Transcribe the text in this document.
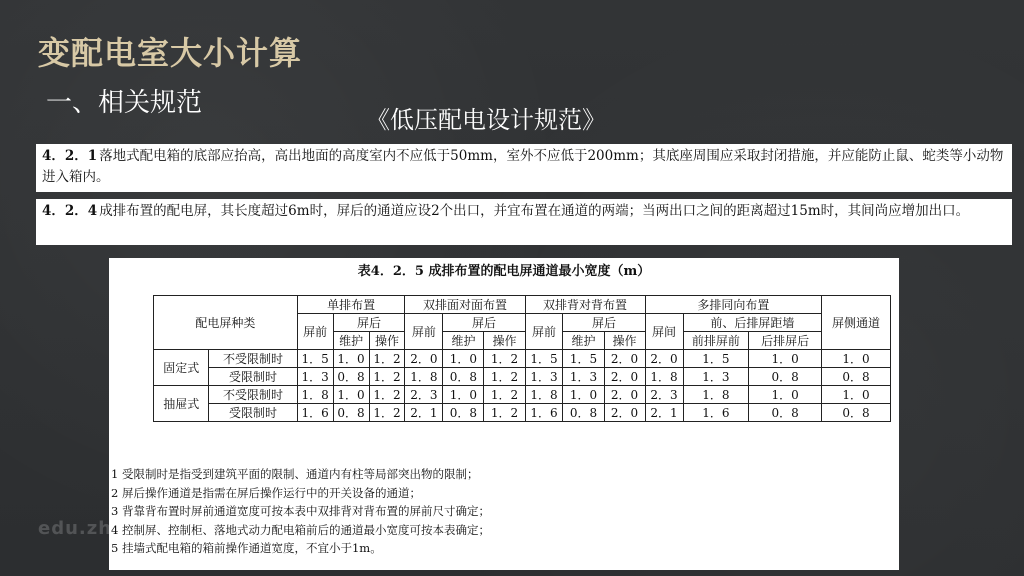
变配电室大小计算
一、相关规范
《低压配电设计规范》
4．2．1 落地式配电箱的底部应抬高，高出地面的高度室内不应低于50mm，室外不应低于200mm；其底座周围应采取封闭措施，并应能防止鼠、蛇类等小动物进入箱内。
4．2．4 成排布置的配电屏，其长度超过6m时，屏后的通道应设2个出口，并宜布置在通道的两端；当两出口之间的距离超过15m时，其间尚应增加出口。
表4．2．5 成排布置的配电屏通道最小宽度（m）
配电屏种类		单排布置			双排面对面布置			双排背对背布置			多排同向布置			屏侧通道
		屏前	屏后		屏前	屏后		屏前	屏后		屏间	前、后排屏距墙		
			维护	操作		维护	操作		维护	操作		前排屏前	后排屏后	
固定式	不受限制时	1．5	1．0	1．2	2．0	1．0	1．2	1．5	1．5	2．0	2．0	1．5	1．0	1．0
	受限制时	1．3	0．8	1．2	1．8	0．8	1．2	1．3	1．3	2．0	1．8	1．3	0．8	0．8
抽屉式	不受限制时	1．8	1．0	1．2	2．3	1．0	1．2	1．8	1．0	2．0	2．3	1．8	1．0	1．0
	受限制时	1．6	0．8	1．2	2．1	0．8	1．2	1．6	0．8	2．0	2．1	1．6	0．8	0．8
1 受限制时是指受到建筑平面的限制、通道内有柱等局部突出物的限制；
2 屏后操作通道是指需在屏后操作运行中的开关设备的通道；
3 背靠背布置时屏前通道宽度可按本表中双排背对背布置的屏前尺寸确定；
4 控制屏、控制柜、落地式动力配电箱前后的通道最小宽度可按本表确定；
5 挂墙式配电箱的箱前操作通道宽度，不宜小于1m。
edu.zh
